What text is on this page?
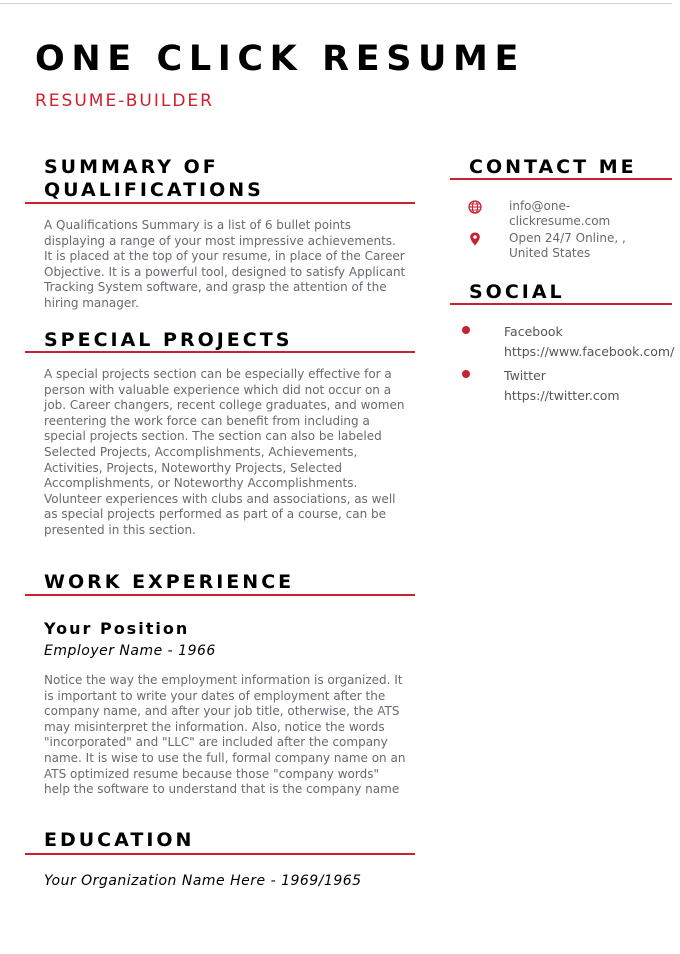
ONE CLICK RESUME
RESUME-BUILDER
SUMMARY OF
QUALIFICATIONS

A Qualifications Summary is a list of 6 bullet points displaying a range of your most impressive achievements. It is placed at the top of your resume, in place of the Career Objective. It is a powerful tool, designed to satisfy Applicant Tracking System software, and grasp the attention of the hiring manager.

SPECIAL PROJECTS

A special projects section can be especially effective for a person with valuable experience which did not occur on a job. Career changers, recent college graduates, and women reentering the work force can benefit from including a special projects section. The section can also be labeled Selected Projects, Accomplishments, Achievements, Activities, Projects, Noteworthy Projects, Selected Accomplishments, or Noteworthy Accomplishments. Volunteer experiences with clubs and associations, as well as special projects performed as part of a course, can be presented in this section.

WORK EXPERIENCE
Your Position
Employer Name - 1966

Notice the way the employment information is organized. It is important to write your dates of employment after the company name, and after your job title, otherwise, the ATS may misinterpret the information. Also, notice the words "incorporated" and "LLC" are included after the company name. It is wise to use the full, formal company name on an ATS optimized resume because those "company words" help the software to understand that is the company name

EDUCATION
Your Organization Name Here - 1969/1965
CONTACT ME
info@one-clickresume.com
Open 24/7 Online, , United States
SOCIAL
Facebook
https://www.facebook.com/
Twitter
https://twitter.com
